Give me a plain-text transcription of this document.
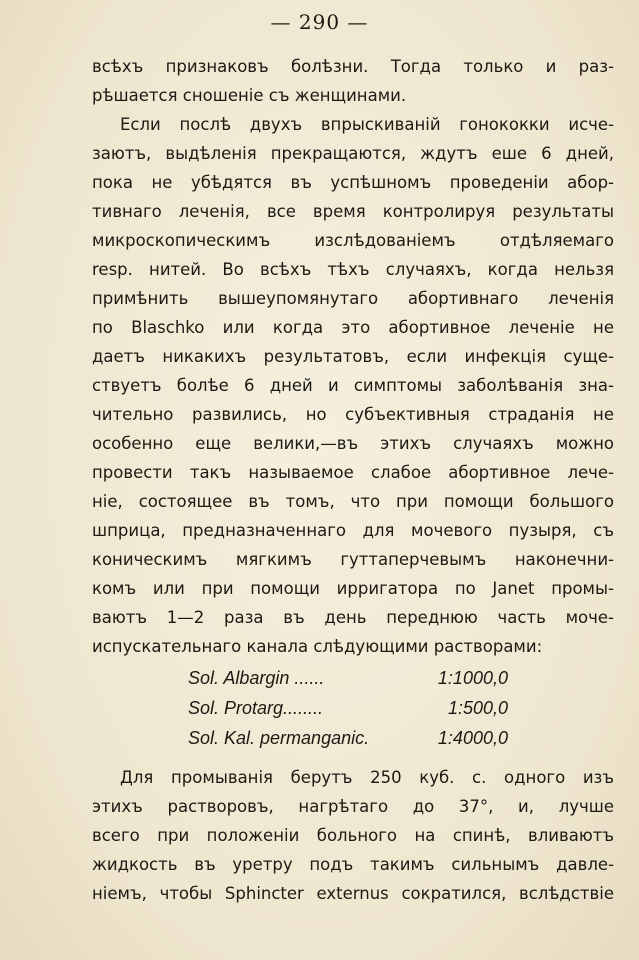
— 290 —
всѣхъ признаковъ болѣзни. Тогда только и раз-
рѣшается сношеніе съ женщинами.
Если послѣ двухъ впрыскиваній гонококки исче-
заютъ, выдѣленія прекращаются, ждутъ еше 6 дней,
пока не убѣдятся въ успѣшномъ проведеніи абор-
тивнаго леченія, все время контролируя результаты
микроскопическимъ изслѣдованіемъ отдѣляемаго
resp. нитей. Во всѣхъ тѣхъ случаяхъ, когда нельзя
примѣнить вышеупомянутаго абортивнаго леченія
по Blaschko или когда это абортивное леченіе не
даетъ никакихъ результатовъ, если инфекція суще-
ствуетъ болѣе 6 дней и симптомы заболѣванія зна-
чительно развились, но субъективныя страданія не
особенно еще велики,—въ этихъ случаяхъ можно
провести такъ называемое слабое абортивное лече-
ніе, состоящее въ томъ, что при помощи большого
шприца, предназначеннаго для мочевого пузыря, съ
коническимъ мягкимъ гуттаперчевымъ наконечни-
комъ или при помощи ирригатора по Janet промы-
ваютъ 1—2 раза въ день переднюю часть моче-
испускательнаго канала слѣдующими растворами:
Sol. Albargin ......	1:1000,0
Sol. Protarg........	1:500,0
Sol. Kal. permanganic.	1:4000,0
Для промыванія берутъ 250 куб. с. одного изъ
этихъ растворовъ, нагрѣтаго до 37°, и, лучше
всего при положеніи больного на спинѣ, вливаютъ
жидкость въ уретру подъ такимъ сильнымъ давле-
ніемъ, чтобы Sphincter externus сократился, вслѣдствіе
